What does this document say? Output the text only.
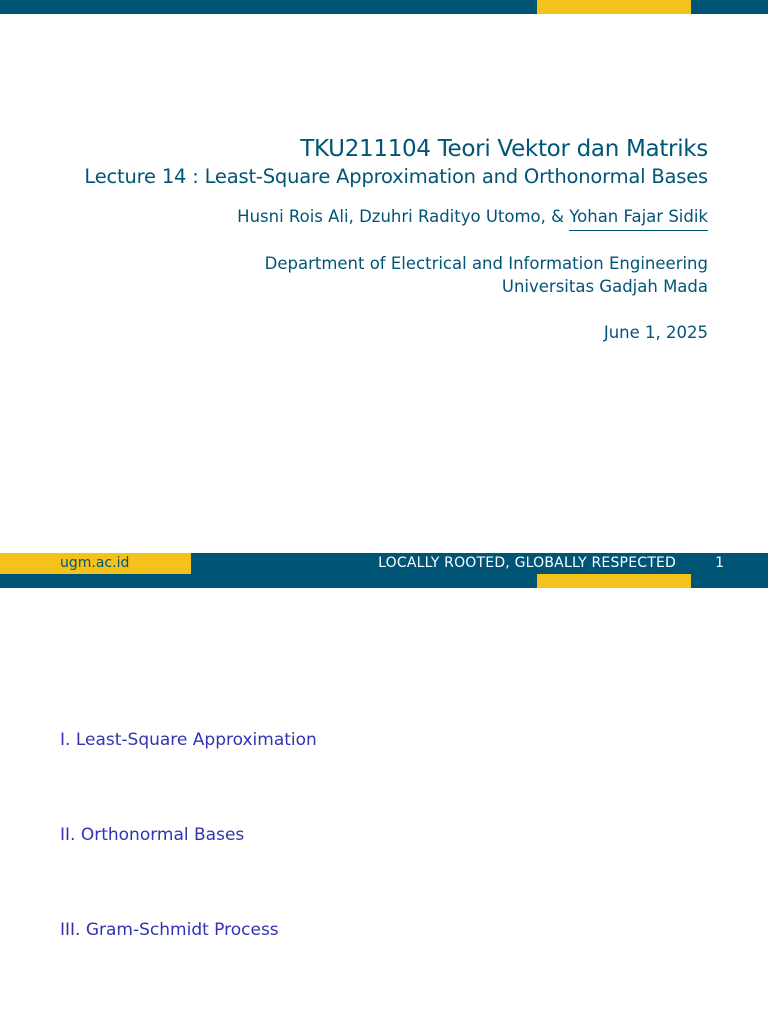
TKU211104 Teori Vektor dan Matriks
Lecture 14 : Least-Square Approximation and Orthonormal Bases
Husni Rois Ali, Dzuhri Radityo Utomo, & Yohan Fajar Sidik
Department of Electrical and Information Engineering
Universitas Gadjah Mada
June 1, 2025
ugm.ac.id	LOCALLY ROOTED, GLOBALLY RESPECTED	1
I. Least-Square Approximation
II. Orthonormal Bases
III. Gram-Schmidt Process
